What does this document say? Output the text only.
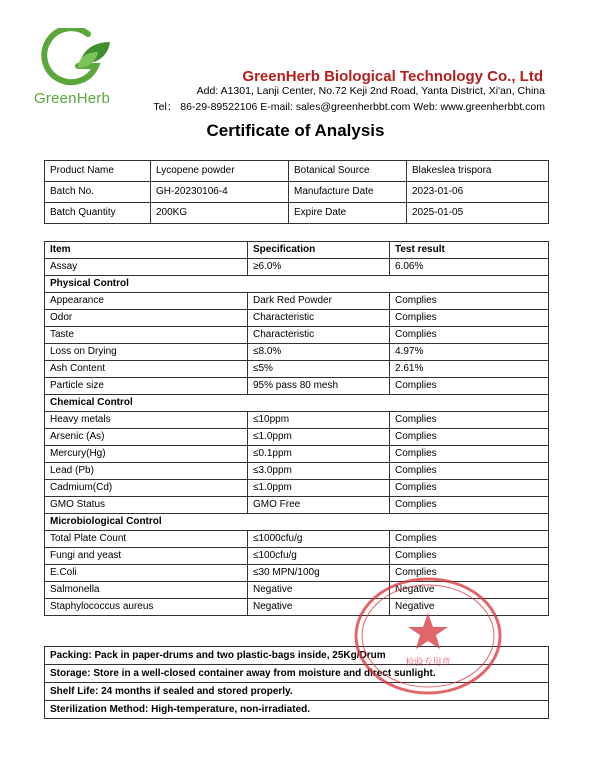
GreenHerb
GreenHerb Biological Technology Co., Ltd
Add: A1301, Lanji Center, No.72 Keji 2nd Road, Yanta District, Xi'an, China
Tel： 86-29-89522106 E-mail: sales@greenherbbt.com Web: www.greenherbbt.com
Certificate of Analysis
Product Name	Lycopene powder	Botanical Source	Blakeslea trispora
Batch No.	GH-20230106-4	Manufacture Date	2023-01-06
Batch Quantity	200KG	Expire Date	2025-01-05
Item	Specification	Test result
Assay	≥6.0%	6.06%
Physical Control		
Appearance	Dark Red Powder	Complies
Odor	Characteristic	Complies
Taste	Characteristic	Complies
Loss on Drying	≤8.0%	4.97%
Ash Content	≤5%	2.61%
Particle size	95% pass 80 mesh	Complies
Chemical Control		
Heavy metals	≤10ppm	Complies
Arsenic (As)	≤1.0ppm	Complies
Mercury(Hg)	≤0.1ppm	Complies
Lead (Pb)	≤3.0ppm	Complies
Cadmium(Cd)	≤1.0ppm	Complies
GMO Status	GMO Free	Complies
Microbiological Control		
Total Plate Count	≤1000cfu/g	Complies
Fungi and yeast	≤100cfu/g	Complies
E.Coli	≤30 MPN/100g	Complies
Salmonella	Negative	Negative
Staphylococcus aureus	Negative	Negative
Packing: Pack in paper-drums and two plastic-bags inside, 25Kg/Drum
Storage: Store in a well-closed container away from moisture and direct sunlight.
Shelf Life: 24 months if sealed and stored properly.
Sterilization Method: High-temperature, non-irradiated.
检验专用章
